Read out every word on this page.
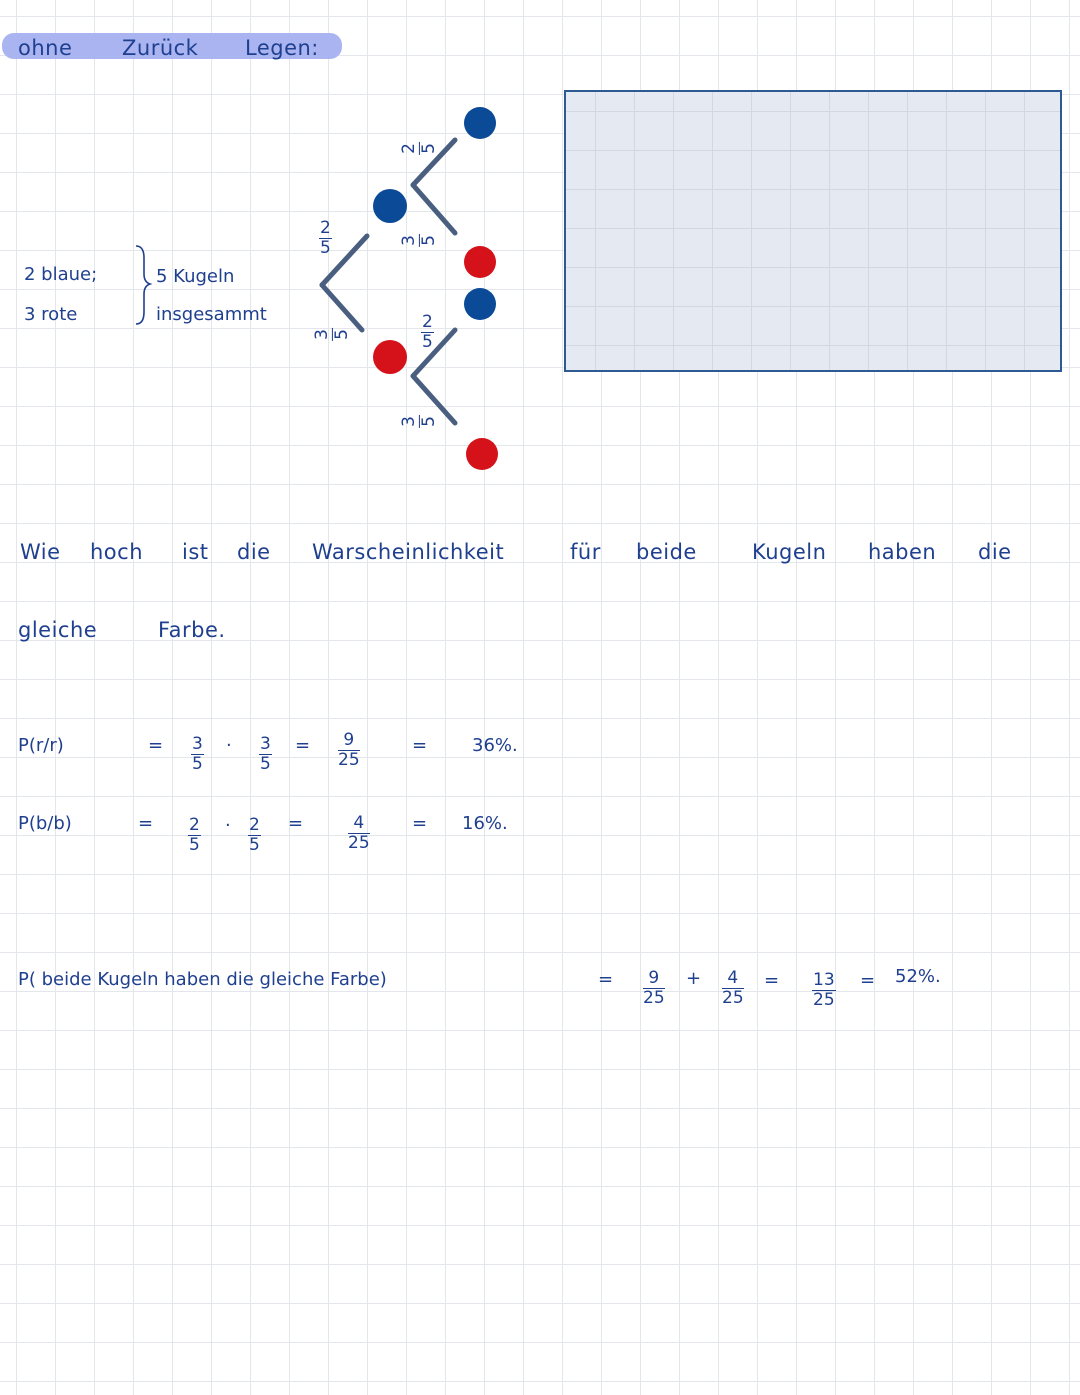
ohne Zurück Legen:
2 blaue;
3 rote
5 Kugeln
insgesammt
2
5
3 5
2 5
3 5
2
5
3 5
Wie hoch ist die Warscheinlichkeit	für beide	Kugeln haben die
gleiche	Farbe.
P(r/r)	= 3
5
· 3
5
= 9
25
= 36%.
P(b/b)	= 2
5
· 2
5
=	4
25
= 16%.
P( beide Kugeln haben die gleiche Farbe)	= 9
25
+ 4
25
= 13
25
= 52%.
